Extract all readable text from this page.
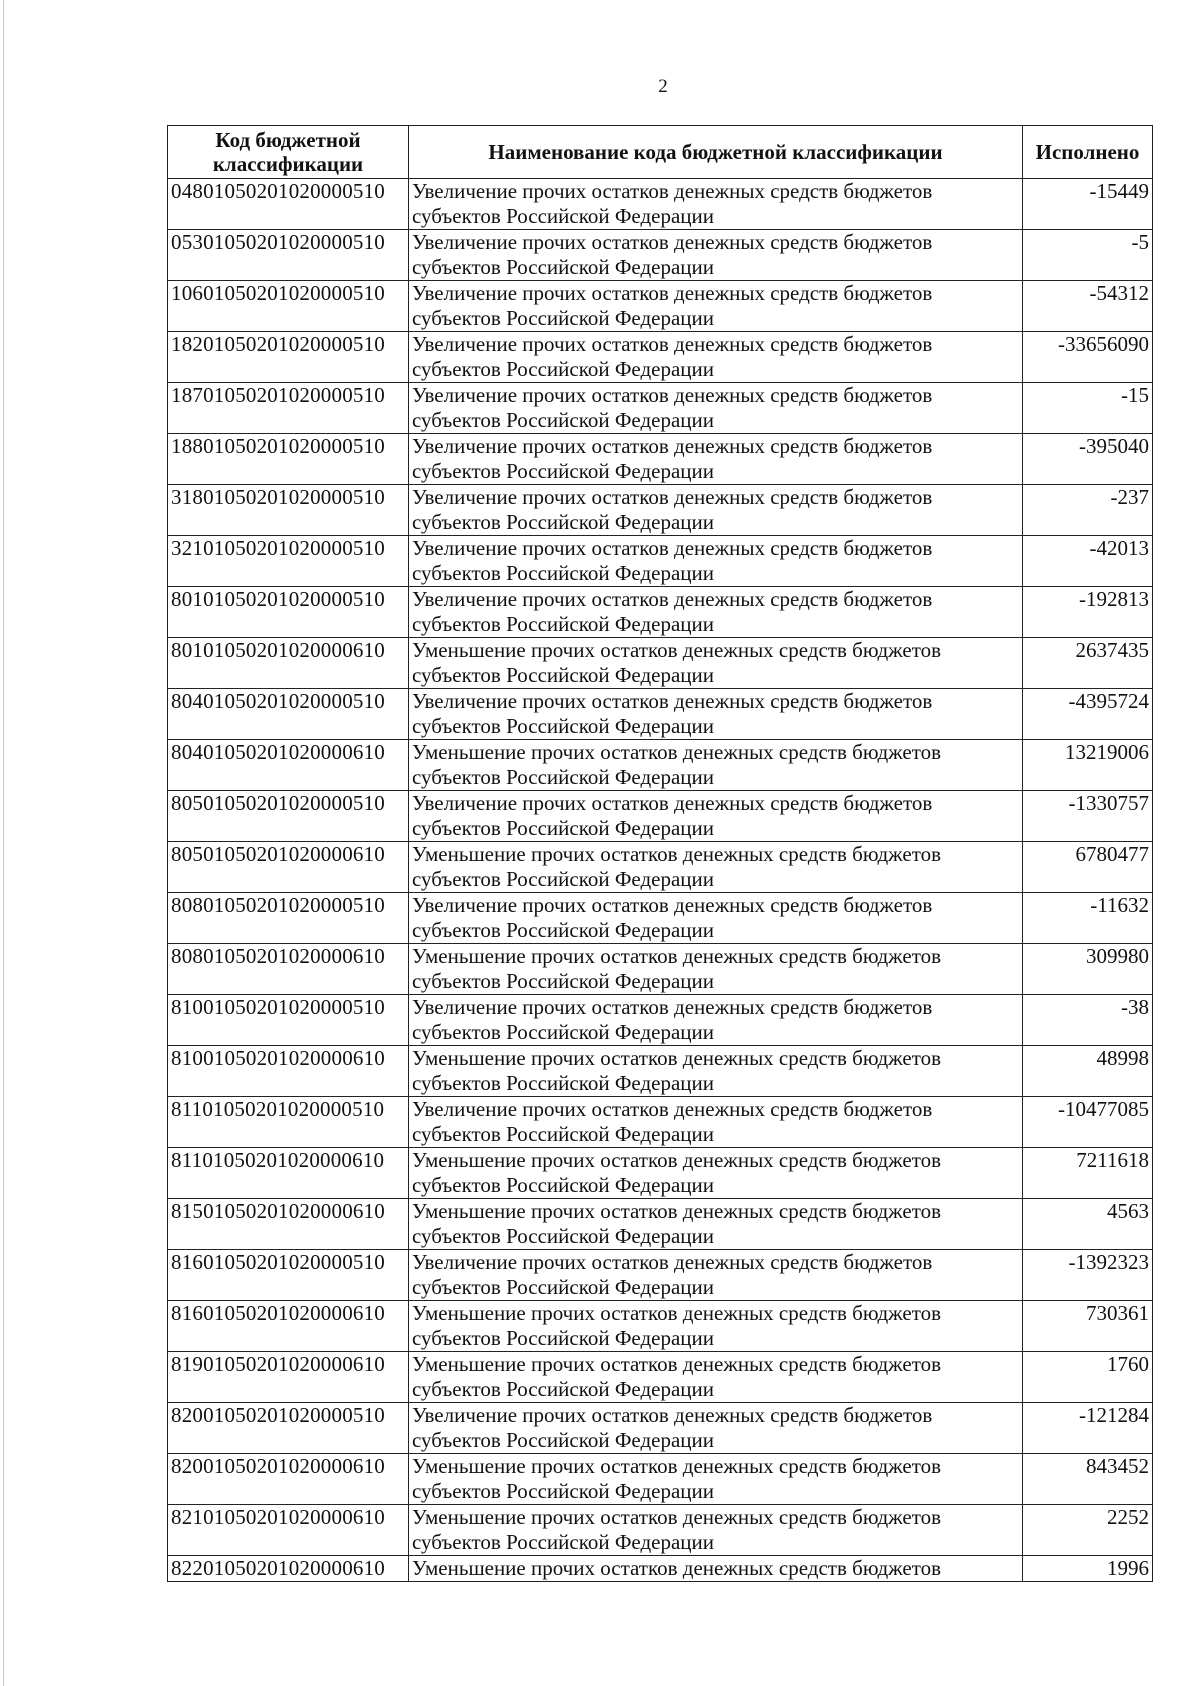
2
Код бюджетной классификации	Наименование кода бюджетной классификации	Исполнено
04801050201020000510	Увеличение прочих остатков денежных средств бюджетов субъектов Российской Федерации	-15449
05301050201020000510	Увеличение прочих остатков денежных средств бюджетов субъектов Российской Федерации	-5
10601050201020000510	Увеличение прочих остатков денежных средств бюджетов субъектов Российской Федерации	-54312
18201050201020000510	Увеличение прочих остатков денежных средств бюджетов субъектов Российской Федерации	-33656090
18701050201020000510	Увеличение прочих остатков денежных средств бюджетов субъектов Российской Федерации	-15
18801050201020000510	Увеличение прочих остатков денежных средств бюджетов субъектов Российской Федерации	-395040
31801050201020000510	Увеличение прочих остатков денежных средств бюджетов субъектов Российской Федерации	-237
32101050201020000510	Увеличение прочих остатков денежных средств бюджетов субъектов Российской Федерации	-42013
80101050201020000510	Увеличение прочих остатков денежных средств бюджетов субъектов Российской Федерации	-192813
80101050201020000610	Уменьшение прочих остатков денежных средств бюджетов субъектов Российской Федерации	2637435
80401050201020000510	Увеличение прочих остатков денежных средств бюджетов субъектов Российской Федерации	-4395724
80401050201020000610	Уменьшение прочих остатков денежных средств бюджетов субъектов Российской Федерации	13219006
80501050201020000510	Увеличение прочих остатков денежных средств бюджетов субъектов Российской Федерации	-1330757
80501050201020000610	Уменьшение прочих остатков денежных средств бюджетов субъектов Российской Федерации	6780477
80801050201020000510	Увеличение прочих остатков денежных средств бюджетов субъектов Российской Федерации	-11632
80801050201020000610	Уменьшение прочих остатков денежных средств бюджетов субъектов Российской Федерации	309980
81001050201020000510	Увеличение прочих остатков денежных средств бюджетов субъектов Российской Федерации	-38
81001050201020000610	Уменьшение прочих остатков денежных средств бюджетов субъектов Российской Федерации	48998
81101050201020000510	Увеличение прочих остатков денежных средств бюджетов субъектов Российской Федерации	-10477085
81101050201020000610	Уменьшение прочих остатков денежных средств бюджетов субъектов Российской Федерации	7211618
81501050201020000610	Уменьшение прочих остатков денежных средств бюджетов субъектов Российской Федерации	4563
81601050201020000510	Увеличение прочих остатков денежных средств бюджетов субъектов Российской Федерации	-1392323
81601050201020000610	Уменьшение прочих остатков денежных средств бюджетов субъектов Российской Федерации	730361
81901050201020000610	Уменьшение прочих остатков денежных средств бюджетов субъектов Российской Федерации	1760
82001050201020000510	Увеличение прочих остатков денежных средств бюджетов субъектов Российской Федерации	-121284
82001050201020000610	Уменьшение прочих остатков денежных средств бюджетов субъектов Российской Федерации	843452
82101050201020000610	Уменьшение прочих остатков денежных средств бюджетов субъектов Российской Федерации	2252
82201050201020000610	Уменьшение прочих остатков денежных средств бюджетов	1996
